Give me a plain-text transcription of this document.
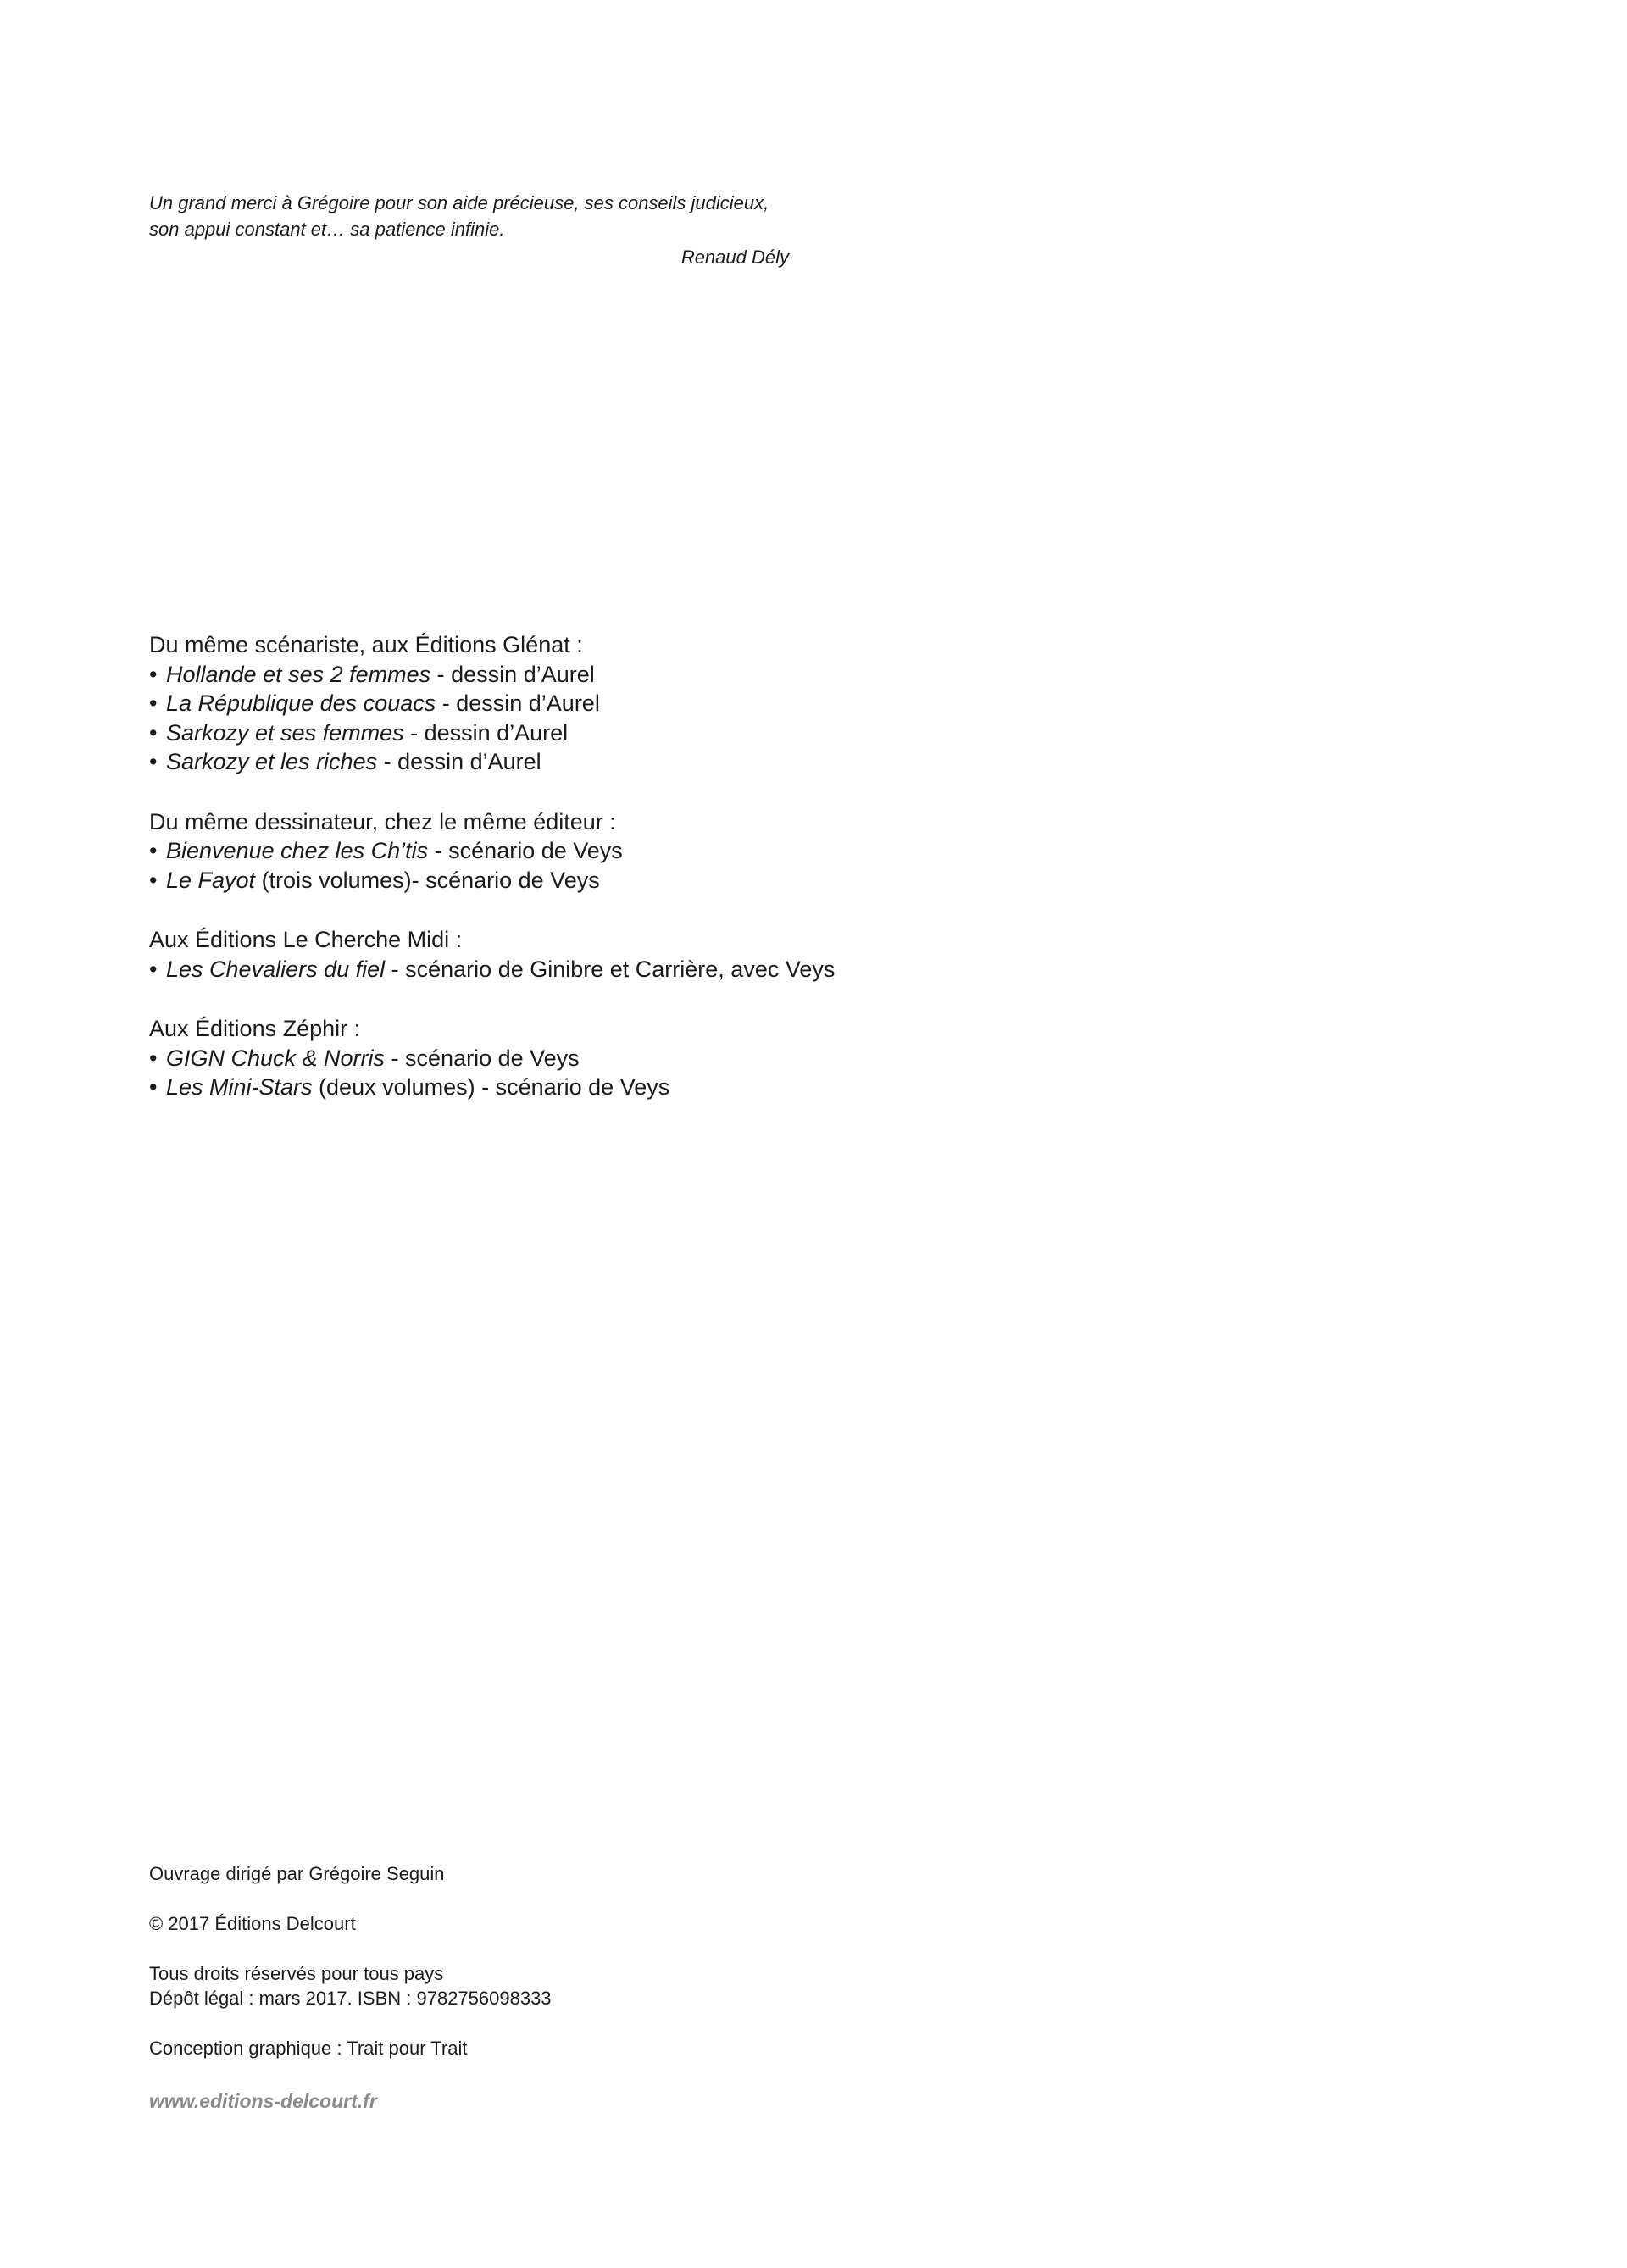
Un grand merci à Grégoire pour son aide précieuse, ses conseils judicieux,

son appui constant et… sa patience infinie.

Renaud Dély

Du même scénariste, aux Éditions Glénat :

• Hollande et ses 2 femmes - dessin d’Aurel
• La République des couacs - dessin d’Aurel
• Sarkozy et ses femmes - dessin d’Aurel
• Sarkozy et les riches - dessin d’Aurel

Du même dessinateur, chez le même éditeur :

• Bienvenue chez les Ch’tis - scénario de Veys
• Le Fayot (trois volumes)- scénario de Veys

Aux Éditions Le Cherche Midi :

• Les Chevaliers du fiel - scénario de Ginibre et Carrière, avec Veys

Aux Éditions Zéphir :

• GIGN Chuck & Norris - scénario de Veys
• Les Mini-Stars (deux volumes) - scénario de Veys

Ouvrage dirigé par Grégoire Seguin

© 2017 Éditions Delcourt

Tous droits réservés pour tous pays

Dépôt légal : mars 2017. ISBN : 9782756098333

Conception graphique : Trait pour Trait

www.editions-delcourt.fr
